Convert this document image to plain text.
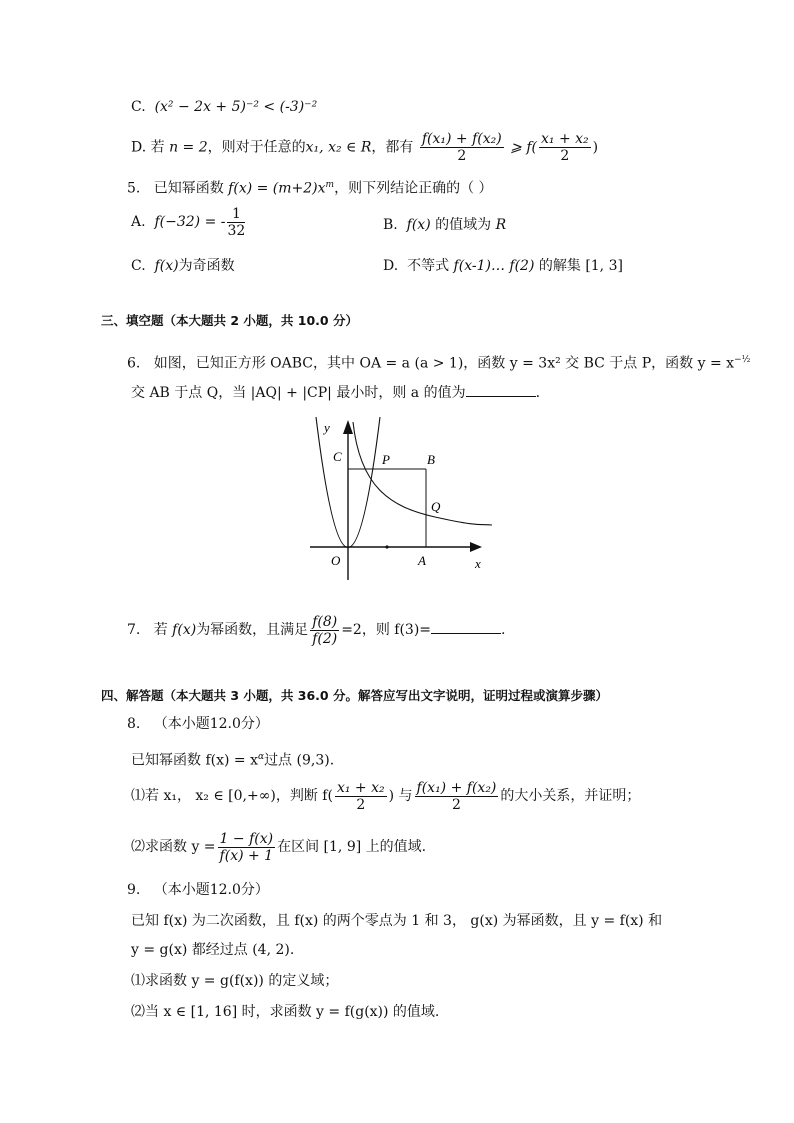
C. (x² − 2x + 5)⁻² < (-3)⁻²
D. 若 n = 2，则对于任意的x₁, x₂ ∈ R，都有 $\frac{\text{f(x₁) + f(x₂)}}{2}$ ⩾ $f( \frac{\text{x₁ + x₂}}{2}$ )
5. 已知幂函数 $f(x) = (m+2)x^m$，则下列结论正确的（ ）
A. f(−32) = - $\frac{1}{32}$	B. f(x) 的值域为 R
C. f(x)为奇函数	D. 不等式 f(x-1)… f(2) 的解集 [1, 3]
三、填空题（本大题共 2 小题，共 10.0 分）
6. 如图，已知正方形 OABC，其中 OA = a (a > 1)，函数 y = 3x² 交 BC 于点 P，函数 $y = x^{-\frac{1}{2}}$
交 AB 于点 Q，当 |AQ| + |CP| 最小时，则 a 的值为	.
y
C	P	B
Q
O	A	x
7. 若 f(x)为幂函数，且满足 $\frac{f(8)}{f(2)} =2$，则 f(3)=	.
四、解答题（本大题共 3 小题，共 36.0 分。解答应写出文字说明，证明过程或演算步骤）
8. （本小题12.0分）
已知幂函数 $f(x) = x^\alpha$过点 (9,3).
⑴若 x₁， x₂ ∈ [0,+∞)，判断 $f( \frac{\text{x₁ + x₂}}{2}$ ) 与 $\frac{\text{f(x₁) + f(x₂)}}{2}$ 的大小关系，并证明；
⑵求函数 $y = \frac{1 - f(x)}{f(x) + 1}$ 在区间 [1, 9] 上的值域.
9. （本小题12.0分）
已知 f(x) 为二次函数，且 f(x) 的两个零点为 1 和 3， g(x) 为幂函数，且 y = f(x) 和
y = g(x) 都经过点 (4, 2).
⑴求函数 y = g(f(x)) 的定义域；
⑵当 x ∈ [1, 16] 时，求函数 y = f(g(x)) 的值域.
